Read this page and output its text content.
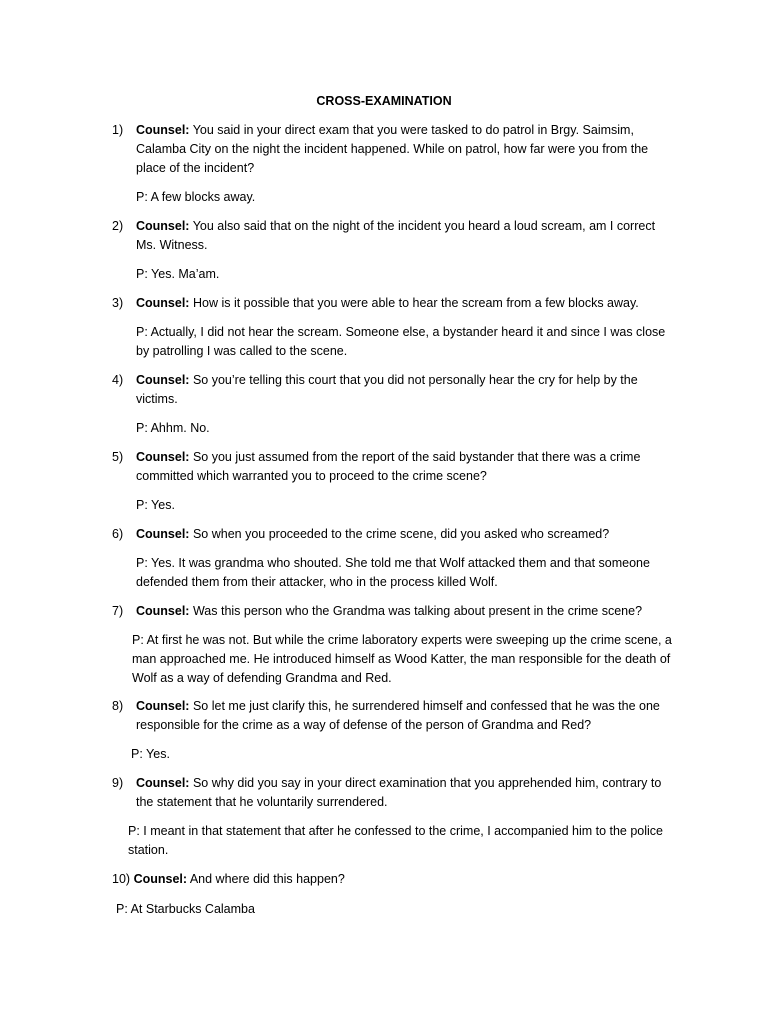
CROSS-EXAMINATION
1) Counsel: You said in your direct exam that you were tasked to do patrol in Brgy. Saimsim, Calamba City on the night the incident happened. While on patrol, how far were you from the place of the incident?
P: A few blocks away.
2) Counsel: You also said that on the night of the incident you heard a loud scream, am I correct Ms. Witness.
P: Yes. Ma’am.
3) Counsel: How is it possible that you were able to hear the scream from a few blocks away.
P: Actually, I did not hear the scream. Someone else, a bystander heard it and since I was close by patrolling I was called to the scene.
4) Counsel: So you’re telling this court that you did not personally hear the cry for help by the victims.
P: Ahhm. No.
5) Counsel: So you just assumed from the report of the said bystander that there was a crime committed which warranted you to proceed to the crime scene?
P: Yes.
6) Counsel: So when you proceeded to the crime scene, did you asked who screamed?
P: Yes. It was grandma who shouted. She told me that Wolf attacked them and that someone defended them from their attacker, who in the process killed Wolf.
7) Counsel: Was this person who the Grandma was talking about present in the crime scene?
P: At first he was not. But while the crime laboratory experts were sweeping up the crime scene, a man approached me. He introduced himself as Wood Katter, the man responsible for the death of Wolf as a way of defending Grandma and Red.
8) Counsel: So let me just clarify this, he surrendered himself and confessed that he was the one responsible for the crime as a way of defense of the person of Grandma and Red?
P: Yes.
9) Counsel: So why did you say in your direct examination that you apprehended him, contrary to the statement that he voluntarily surrendered.
P: I meant in that statement that after he confessed to the crime, I accompanied him to the police station.
10) Counsel: And where did this happen?
P: At Starbucks Calamba
